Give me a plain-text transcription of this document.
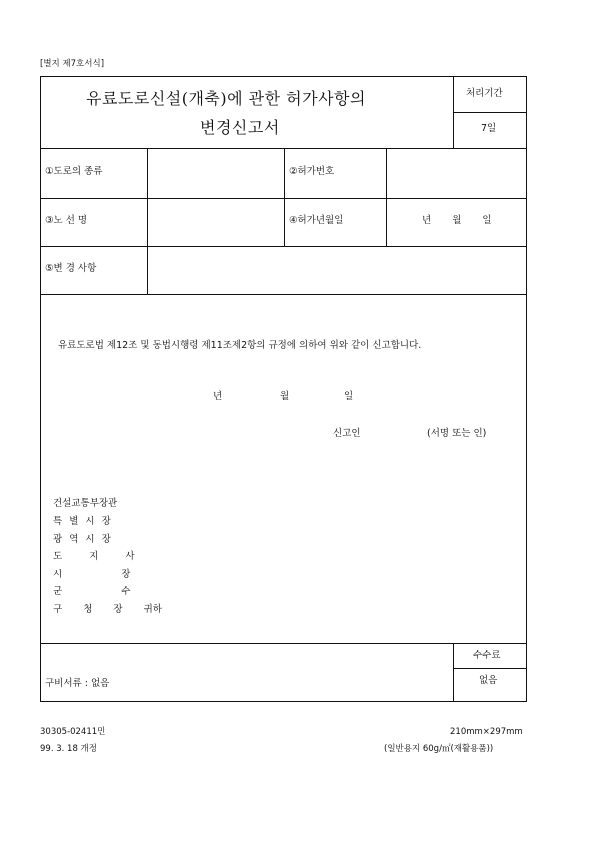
[별지 제7호서식]
유료도로신설(개축)에 관한 허가사항의
변경신고서
처리기간
7일
①도로의 종류	②허가번호
③노 선 명	④허가년월일	년 월 일
⑤변 경 사항
유료도로법 제12조 및 동법시행령 제11조제2항의 규정에 의하여 위와 같이 신고합니다.
년	월	일
신고인	(서명 또는 인)
건설교통부장관
특 별 시 장
광 역 시 장
도 지 사
시 장
군 수
구 청 장 귀하
구비서류 : 없음
수수료
없음
30305-02411민
99. 3. 18 개정
210mm×297mm
(일반용지 60g/㎡(재활용품))
